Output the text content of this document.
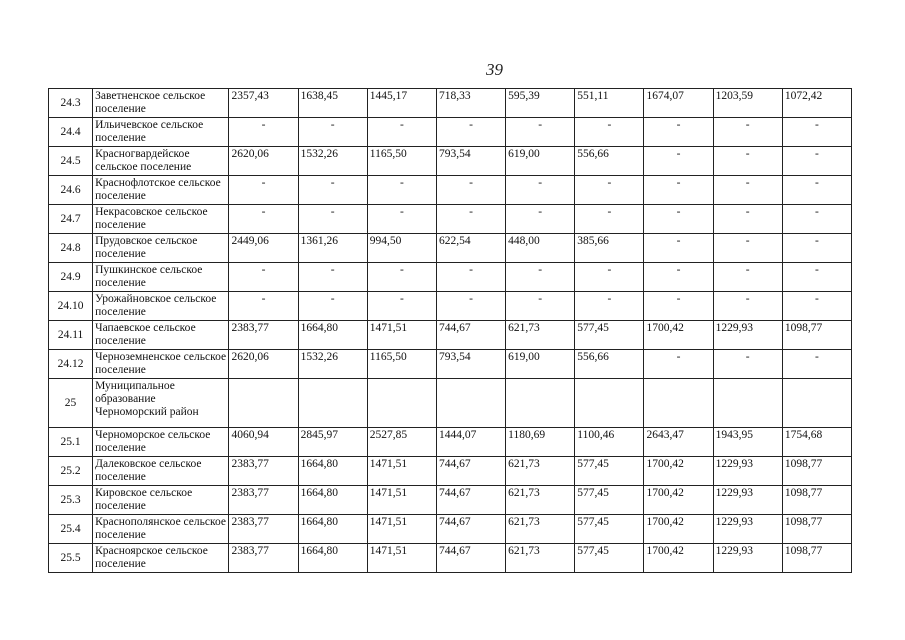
39
24.3	Заветненское сельское поселение	2357,43	1638,45	1445,17	718,33	595,39	551,11	1674,07	1203,59	1072,42
24.4	Ильичевское сельское поселение	-	-	-	-	-	-	-	-	-
24.5	Красногвардейское сельское поселение	2620,06	1532,26	1165,50	793,54	619,00	556,66	-	-	-
24.6	Краснофлотское сельское поселение	-	-	-	-	-	-	-	-	-
24.7	Некрасовское сельское поселение	-	-	-	-	-	-	-	-	-
24.8	Прудовское сельское поселение	2449,06	1361,26	994,50	622,54	448,00	385,66	-	-	-
24.9	Пушкинское сельское поселение	-	-	-	-	-	-	-	-	-
24.10	Урожайновское сельское поселение	-	-	-	-	-	-	-	-	-
24.11	Чапаевское сельское поселение	2383,77	1664,80	1471,51	744,67	621,73	577,45	1700,42	1229,93	1098,77
24.12	Черноземненское сельское поселение	2620,06	1532,26	1165,50	793,54	619,00	556,66	-	-	-
25	Муниципальное образование Черноморский район									
25.1	Черноморское сельское поселение	4060,94	2845,97	2527,85	1444,07	1180,69	1100,46	2643,47	1943,95	1754,68
25.2	Далековское сельское поселение	2383,77	1664,80	1471,51	744,67	621,73	577,45	1700,42	1229,93	1098,77
25.3	Кировское сельское поселение	2383,77	1664,80	1471,51	744,67	621,73	577,45	1700,42	1229,93	1098,77
25.4	Краснополянское сельское поселение	2383,77	1664,80	1471,51	744,67	621,73	577,45	1700,42	1229,93	1098,77
25.5	Красноярское сельское поселение	2383,77	1664,80	1471,51	744,67	621,73	577,45	1700,42	1229,93	1098,77
